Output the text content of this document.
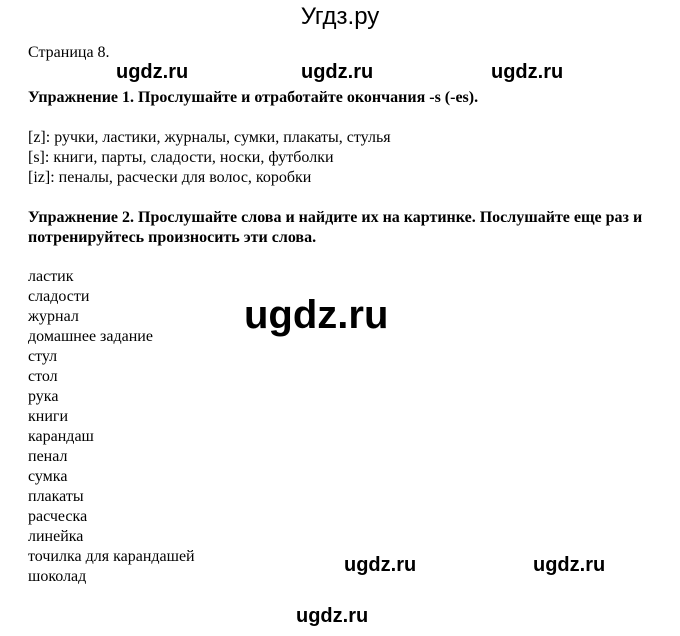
Угдз.ру
Страница 8.
ugdz.ru	ugdz.ru	ugdz.ru
Упражнение 1. Прослушайте и отработайте окончания -s (-es).
[z]: ручки, ластики, журналы, сумки, плакаты, стулья
[s]: книги, парты, сладости, носки, футболки
[iz]: пеналы, расчески для волос, коробки
Упражнение 2. Прослушайте слова и найдите их на картинке. Послушайте еще раз и потренируйтесь произносить эти слова.
ugdz.ru
ластик
сладости
журнал
домашнее задание
стул
стол
рука
книги
карандаш
пенал
сумка
плакаты
расческа
линейка
точилка для карандашей
шоколад
ugdz.ru	ugdz.ru
ugdz.ru
